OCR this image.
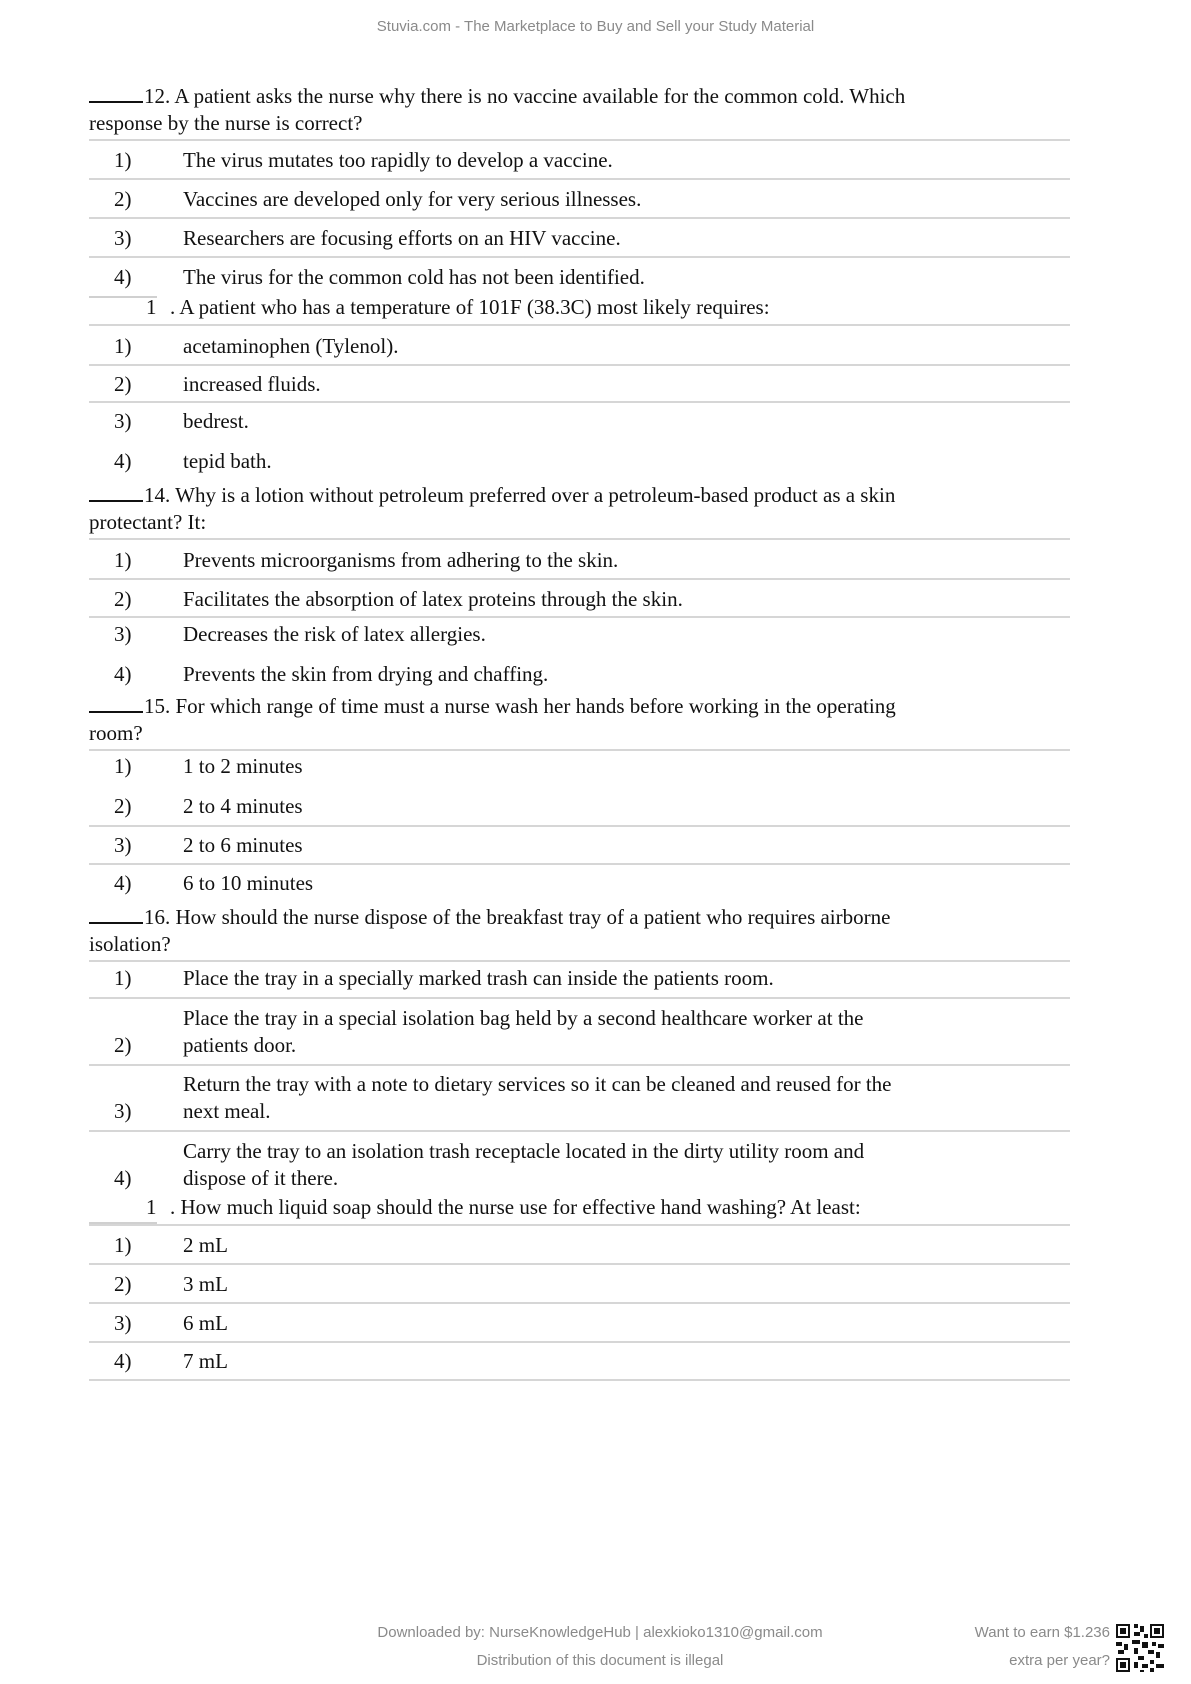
Stuvia.com - The Marketplace to Buy and Sell your Study Material
12. A patient asks the nurse why there is no vaccine available for the common cold. Which
response by the nurse is correct?
1)	The virus mutates too rapidly to develop a vaccine.
2)	Vaccines are developed only for very serious illnesses.
3)	Researchers are focusing efforts on an HIV vaccine.
4)	The virus for the common cold has not been identified.
1 . A patient who has a temperature of 101F (38.3C) most likely requires:
1)	acetaminophen (Tylenol).
2)	increased fluids.
3)	bedrest.
4)	tepid bath.
14. Why is a lotion without petroleum preferred over a petroleum-based product as a skin
protectant? It:
1)	Prevents microorganisms from adhering to the skin.
2)	Facilitates the absorption of latex proteins through the skin.
3)	Decreases the risk of latex allergies.
4)	Prevents the skin from drying and chaffing.
15. For which range of time must a nurse wash her hands before working in the operating
room?
1)	1 to 2 minutes
2)	2 to 4 minutes
3)	2 to 6 minutes
4)	6 to 10 minutes
16. How should the nurse dispose of the breakfast tray of a patient who requires airborne
isolation?
1)	Place the tray in a specially marked trash can inside the patients room.
Place the tray in a special isolation bag held by a second healthcare worker at the
2)	patients door.
Return the tray with a note to dietary services so it can be cleaned and reused for the
3)	next meal.
Carry the tray to an isolation trash receptacle located in the dirty utility room and
4)	dispose of it there.
1 . How much liquid soap should the nurse use for effective hand washing? At least:
1)	2 mL
2)	3 mL
3)	6 mL
4)	7 mL
Downloaded by: NurseKnowledgeHub | alexkioko1310@gmail.com
Distribution of this document is illegal
Want to earn $1.236
extra per year?
